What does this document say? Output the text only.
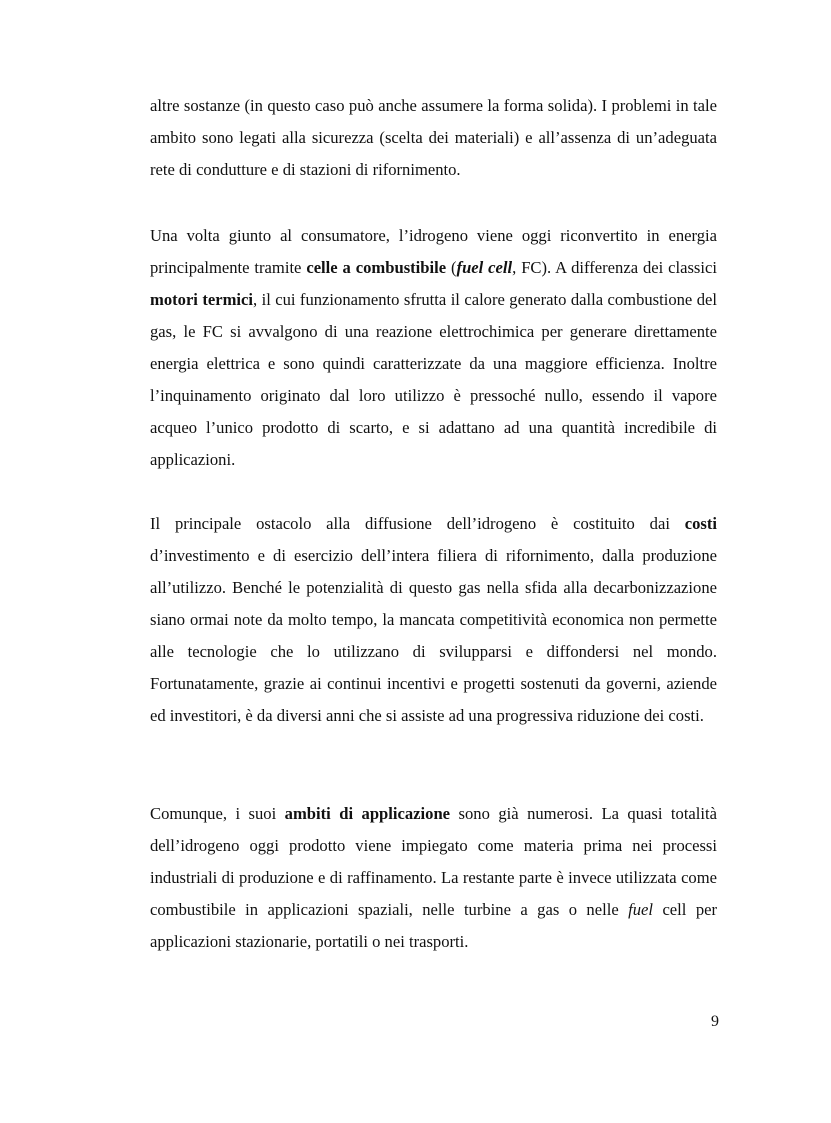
altre sostanze (in questo caso può anche assumere la forma solida). I problemi in tale ambito sono legati alla sicurezza (scelta dei materiali) e all’assenza di un’adeguata rete di condutture e di stazioni di rifornimento.

Una volta giunto al consumatore, l’idrogeno viene oggi riconvertito in energia principalmente tramite celle a combustibile (fuel cell, FC). A differenza dei classici motori termici, il cui funzionamento sfrutta il calore generato dalla combustione del gas, le FC si avvalgono di una reazione elettrochimica per generare direttamente energia elettrica e sono quindi caratterizzate da una maggiore efficienza. Inoltre l’inquinamento originato dal loro utilizzo è pressoché nullo, essendo il vapore acqueo l’unico prodotto di scarto, e si adattano ad una quantità incredibile di applicazioni.

Il principale ostacolo alla diffusione dell’idrogeno è costituito dai costi d’investimento e di esercizio dell’intera filiera di rifornimento, dalla produzione all’utilizzo. Benché le potenzialità di questo gas nella sfida alla decarbonizzazione siano ormai note da molto tempo, la mancata competitività economica non permette alle tecnologie che lo utilizzano di svilupparsi e diffondersi nel mondo. Fortunatamente, grazie ai continui incentivi e progetti sostenuti da governi, aziende ed investitori, è da diversi anni che si assiste ad una progressiva riduzione dei costi.

Comunque, i suoi ambiti di applicazione sono già numerosi. La quasi totalità dell’idrogeno oggi prodotto viene impiegato come materia prima nei processi industriali di produzione e di raffinamento. La restante parte è invece utilizzata come combustibile in applicazioni spaziali, nelle turbine a gas o nelle fuel cell per applicazioni stazionarie, portatili o nei trasporti.

9
